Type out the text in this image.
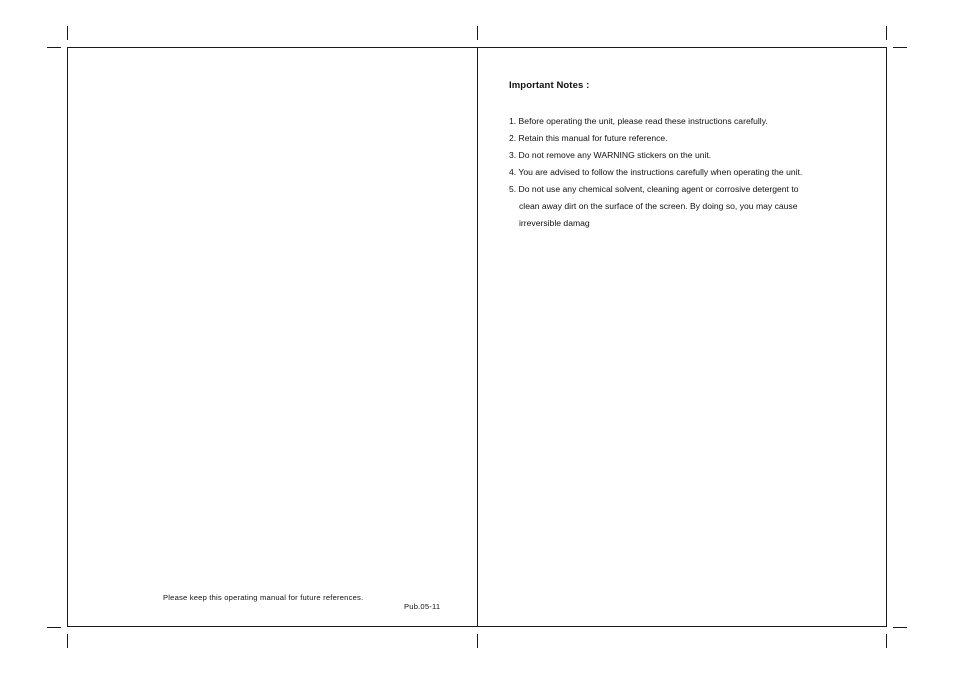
Important Notes :
1. Before operating the unit, please read these instructions carefully.
2. Retain this manual for future reference.
3. Do not remove any WARNING stickers on the unit.
4. You are advised to follow the instructions carefully when operating the unit.
5. Do not use any chemical solvent, cleaning agent or corrosive detergent to
clean away dirt on the surface of the screen. By doing so, you may cause
irreversible damag
Please keep this operating manual for future references.
Pub.05-11
